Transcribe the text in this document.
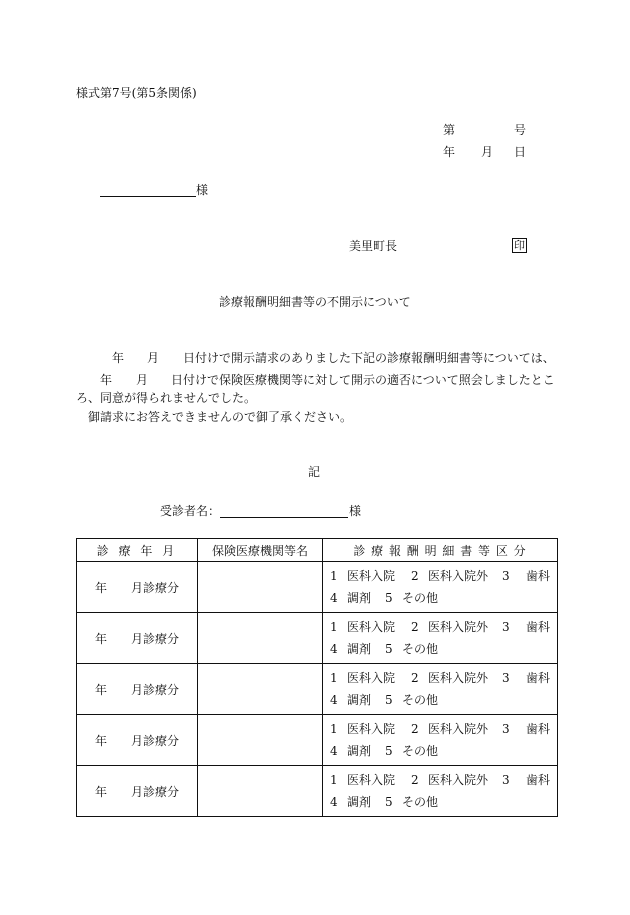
様式第7号(第5条関係)
第	号
年 月 日
様
美里町長	印
診療報酬明細書等の不開示について
年 月 日付けで開示請求のありました下記の診療報酬明細書等については、
年 月 日付けで保険医療機関等に対して開示の適否について照会しましたとこ
ろ、同意が得られませんでした。
御請求にお答えできませんので御了承ください。
記
受診者名：	様
診 療 年 月	保険医療機関等名	診 療 報 酬 明 細 書 等 区 分
年 月診療分		1 医科入院 2 医科入院外 3 歯科
4 調剤 5 その他

年 月診療分		1 医科入院 2 医科入院外 3 歯科
4 調剤 5 その他

年 月診療分		1 医科入院 2 医科入院外 3 歯科
4 調剤 5 その他

年 月診療分		1 医科入院 2 医科入院外 3 歯科
4 調剤 5 その他

年 月診療分		1 医科入院 2 医科入院外 3 歯科
4 調剤 5 その他
